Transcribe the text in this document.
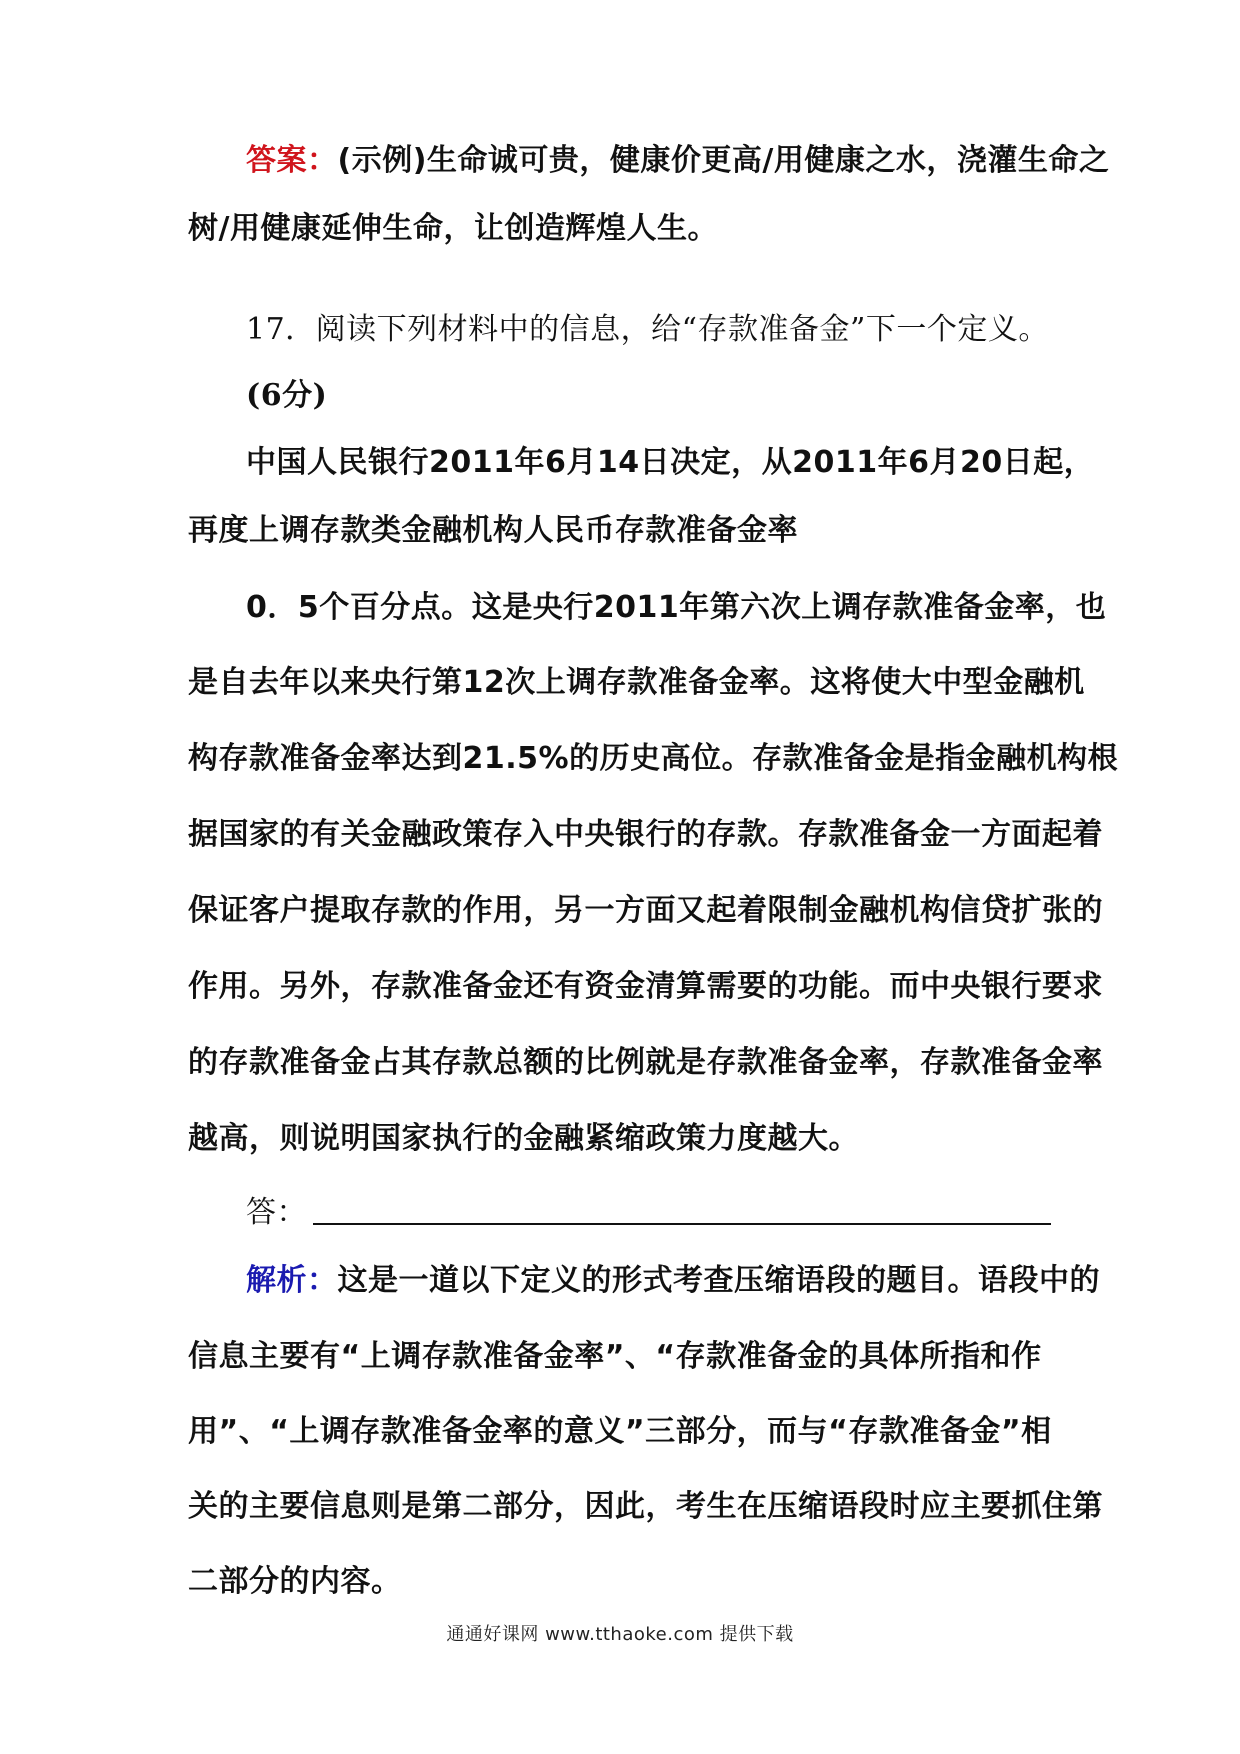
答案：(示例)生命诚可贵，健康价更高/用健康之水，浇灌生命之
树/用健康延伸生命，让创造辉煌人生。
17．阅读下列材料中的信息，给“存款准备金”下一个定义。
(6分)
中国人民银行2011年6月14日决定，从2011年6月20日起，
再度上调存款类金融机构人民币存款准备金率
0．5个百分点。这是央行2011年第六次上调存款准备金率，也
是自去年以来央行第12次上调存款准备金率。这将使大中型金融机
构存款准备金率达到21.5%的历史高位。存款准备金是指金融机构根
据国家的有关金融政策存入中央银行的存款。存款准备金一方面起着
保证客户提取存款的作用，另一方面又起着限制金融机构信贷扩张的
作用。另外，存款准备金还有资金清算需要的功能。而中央银行要求
的存款准备金占其存款总额的比例就是存款准备金率，存款准备金率
越高，则说明国家执行的金融紧缩政策力度越大。
答：
解析：这是一道以下定义的形式考查压缩语段的题目。语段中的
信息主要有“上调存款准备金率”、“存款准备金的具体所指和作
用”、“上调存款准备金率的意义”三部分，而与“存款准备金”相
关的主要信息则是第二部分，因此，考生在压缩语段时应主要抓住第
二部分的内容。
通通好课网 www.tthaoke.com 提供下载
